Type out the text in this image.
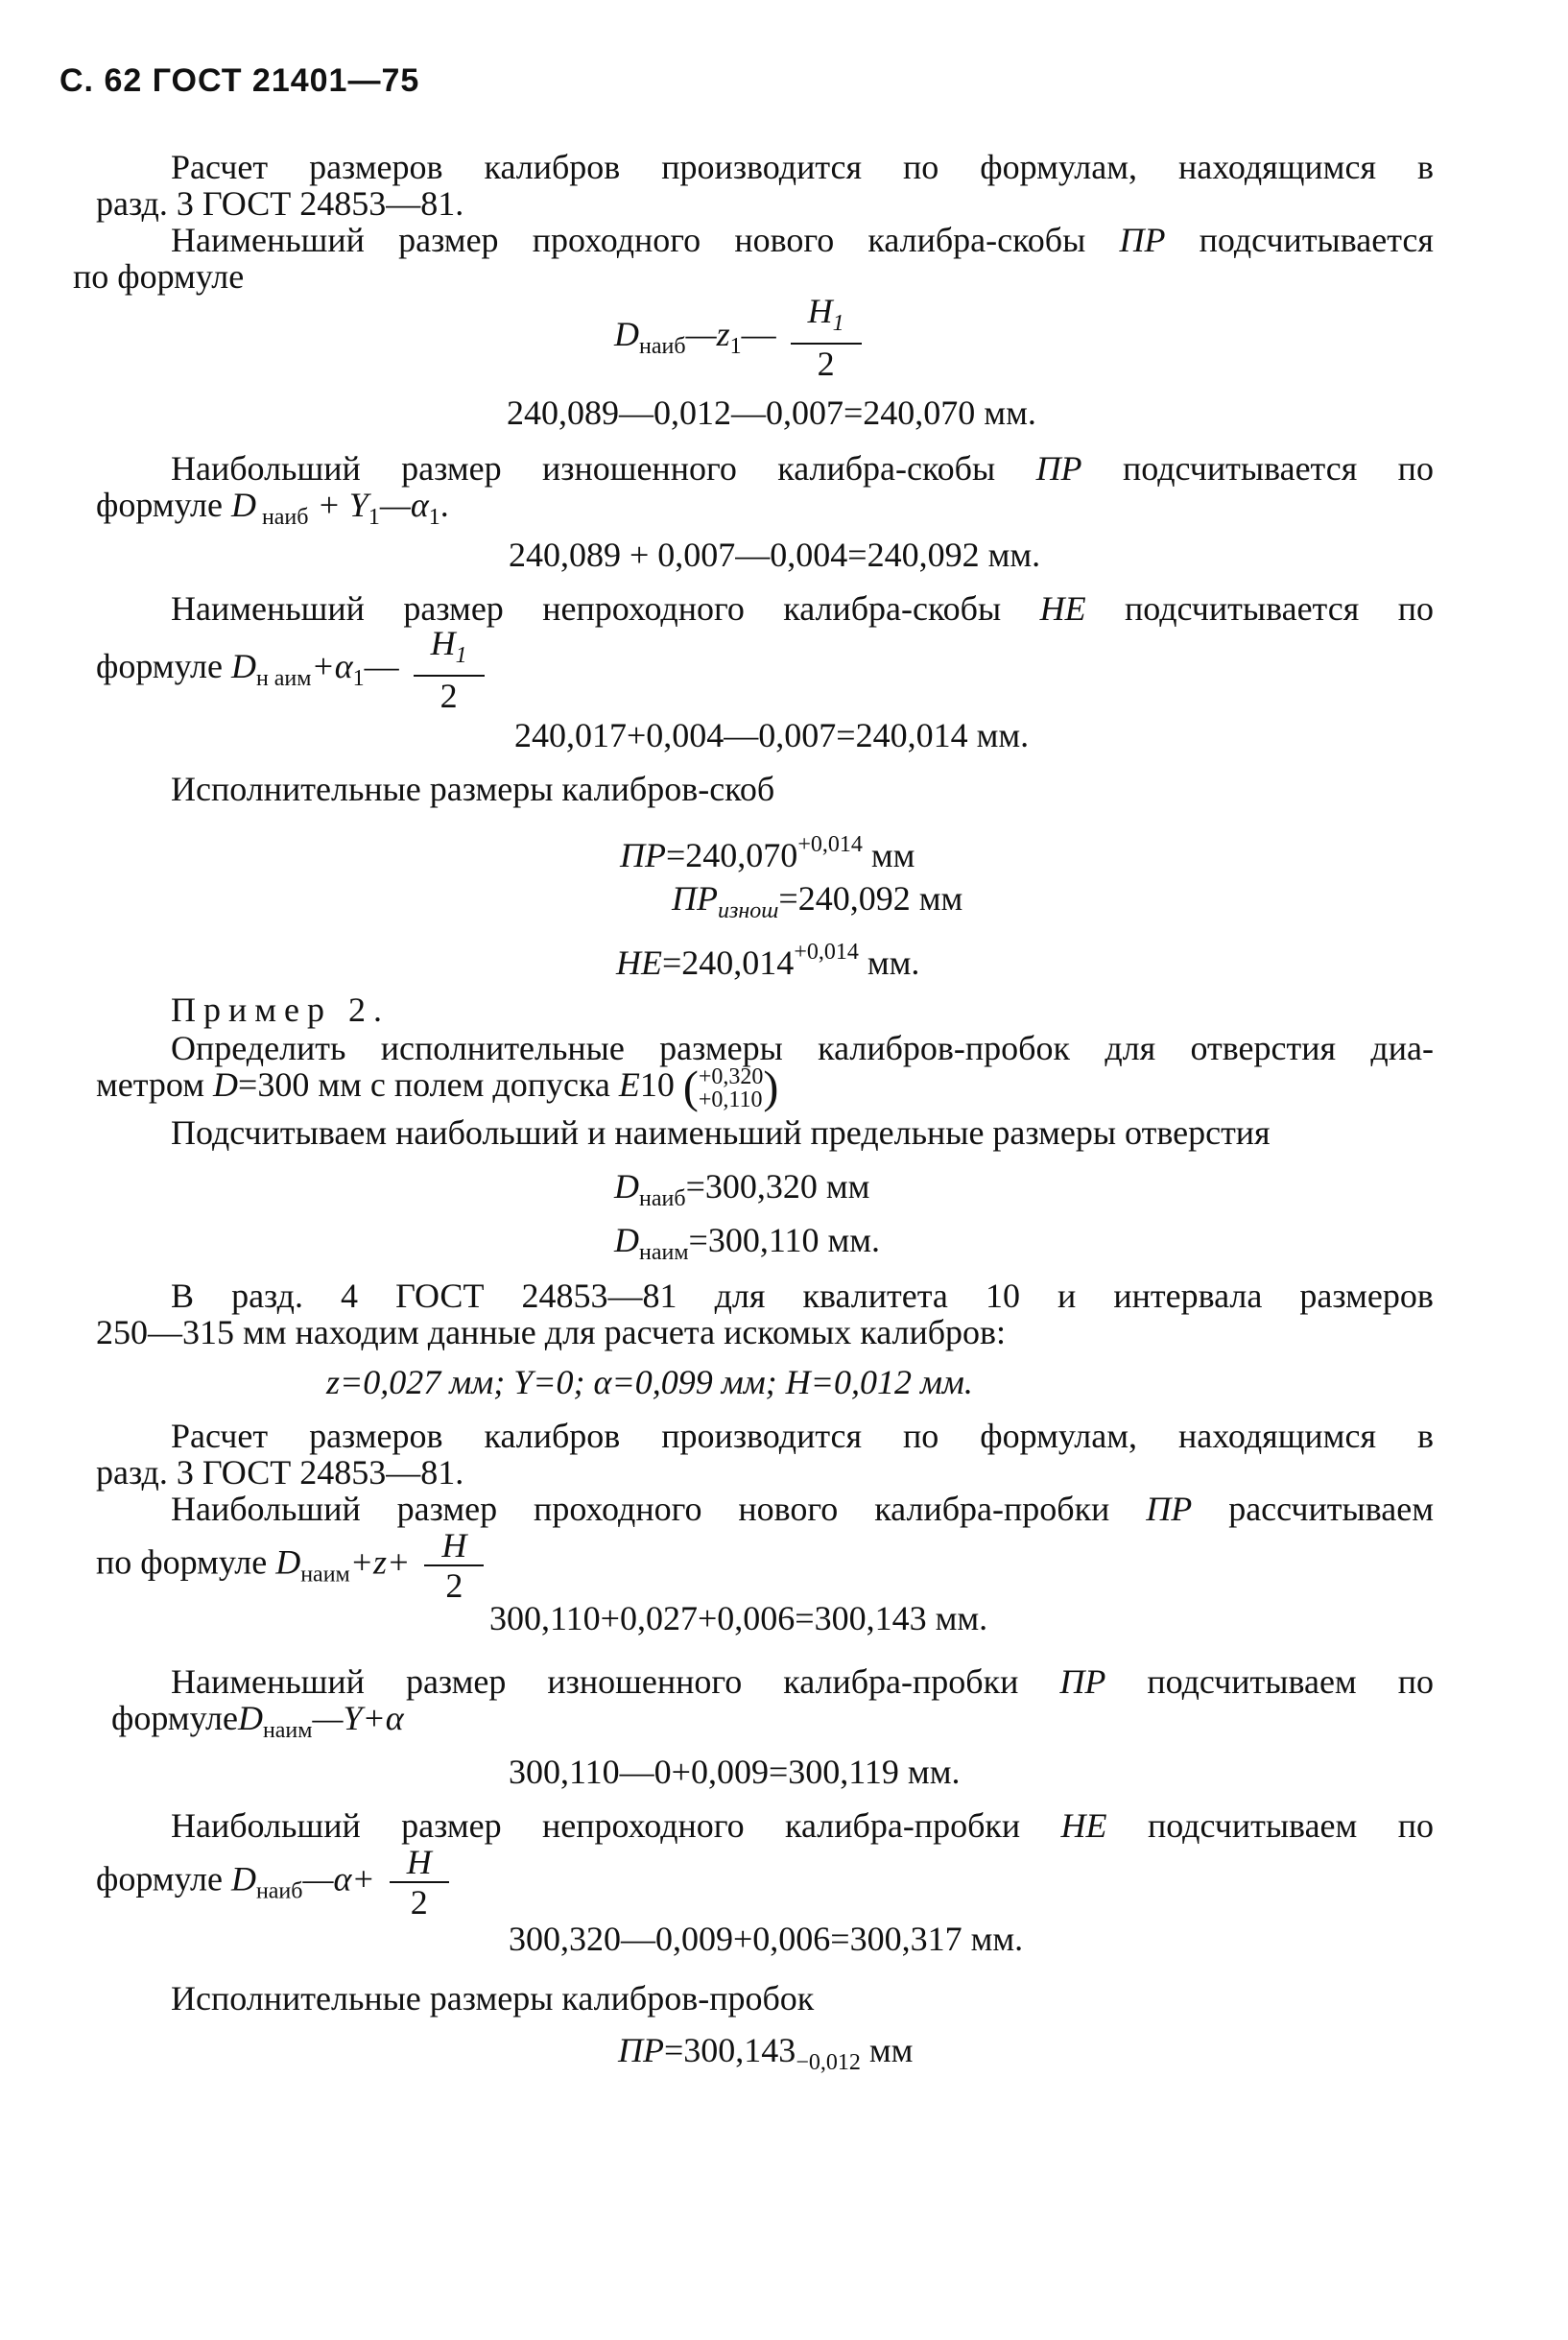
С. 62 ГОСТ 21401—75
Расчет размеров калибров производится по формулам, находящимся в
разд. 3 ГОСТ 24853—81.
Наименьший размер проходного нового калибра-скобы ПР подсчитывается
по формуле
$D_{наиб}—z_1— \frac{H_1}{2}$
240,089—0,012—0,007=240,070 мм.
Наибольший размер изношенного калибра-скобы ПР подсчитывается по
формуле D $_{наиб} + Y_1—\alpha_1$.
240,089 + 0,007—0,004=240,092 мм.
Наименьший размер непроходного калибра-скобы НЕ подсчитывается по
формуле $D_{н аим}+\alpha_1— \frac{H_1}{2}$
240,017+0,004—0,007=240,014 мм.
Исполнительные размеры калибров-скоб
$ПР=240,070^{+0,014}$ мм
$ПР_{изнош}=240,092$ мм
$НЕ=240,014^{+0,014}$ мм.
Пример 2.
Определить исполнительные размеры калибров-пробок для отверстия диа-
метром D=300 мм с полем допуска E10 ( +0,320
+0,110 )
Подсчитываем наибольший и наименьший предельные размеры отверстия
$D_{наиб}=300,320$ мм
$D_{наим}=300,110$ мм.
В разд. 4 ГОСТ 24853—81 для квалитета 10 и интервала размеров
250—315 мм находим данные для расчета искомых калибров:
z=0,027 мм; Y=0; α=0,099 мм; H=0,012 мм.
Расчет размеров калибров производится по формулам, находящимся в
разд. 3 ГОСТ 24853—81.
Наибольший размер проходного нового калибра-пробки ПР рассчитываем
по формуле $D_{наим}+z+ \frac{H}{2}$
300,110+0,027+0,006=300,143 мм.
Наименьший размер изношенного калибра-пробки ПР подсчитываем по
формулеD$_{наим}$—Y+α
300,110—0+0,009=300,119 мм.
Наибольший размер непроходного калибра-пробки НЕ подсчитываем по
формуле $D_{наиб}—\alpha+ \frac{H}{2}$
300,320—0,009+0,006=300,317 мм.
Исполнительные размеры калибров-пробок
$ПР=300,143_{-0,012}$ мм
